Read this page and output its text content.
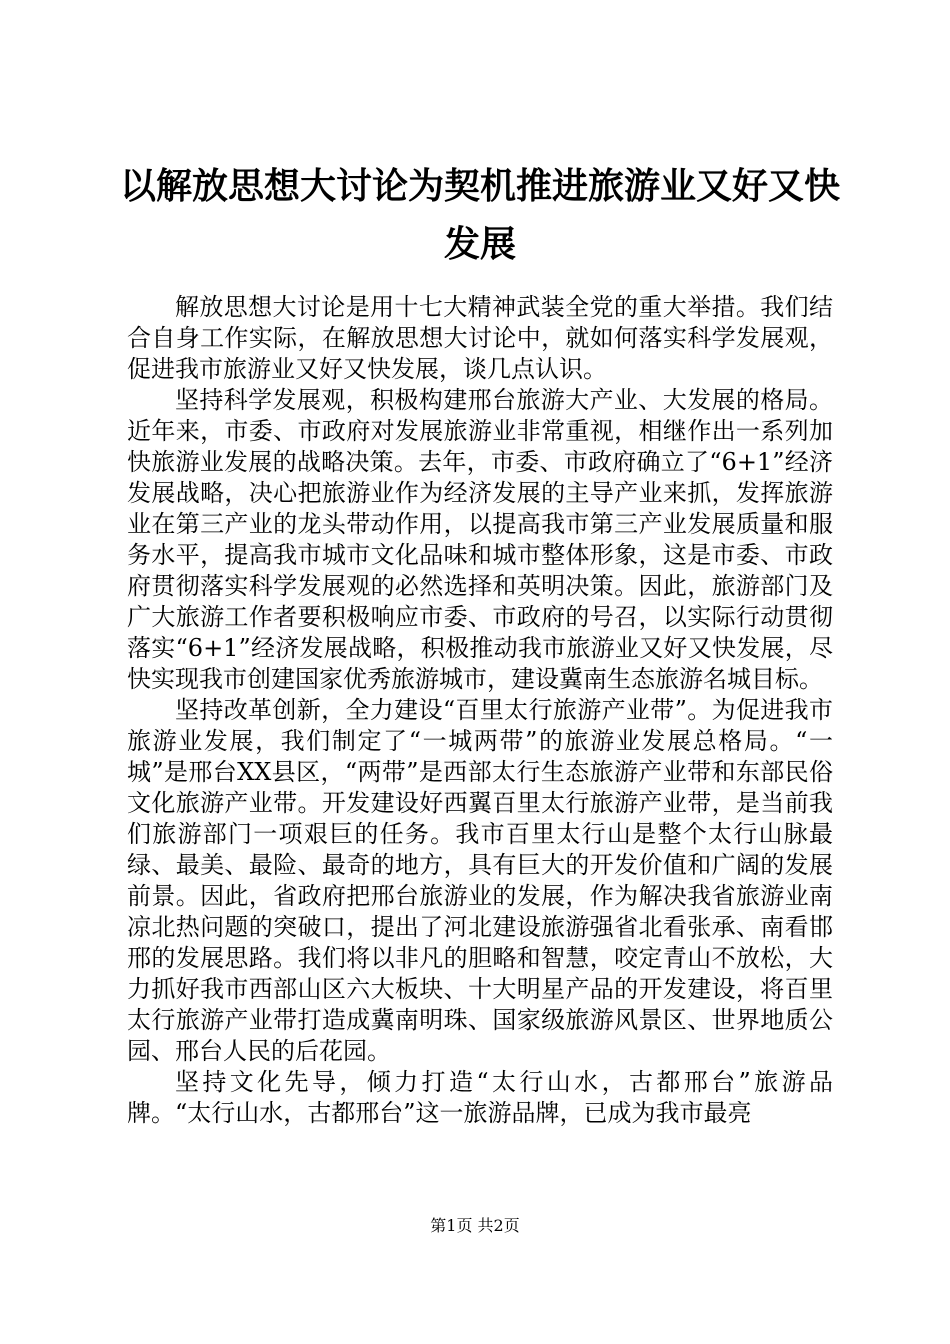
以解放思想大讨论为契机推进旅游业又好又快发展

解放思想大讨论是用十七大精神武装全党的重大举措。我们结合自身工作实际，在解放思想大讨论中，就如何落实科学发展观，促进我市旅游业又好又快发展，谈几点认识。

坚持科学发展观，积极构建邢台旅游大产业、大发展的格局。近年来，市委、市政府对发展旅游业非常重视，相继作出一系列加快旅游业发展的战略决策。去年，市委、市政府确立了“6+1”经济发展战略，决心把旅游业作为经济发展的主导产业来抓，发挥旅游业在第三产业的龙头带动作用，以提高我市第三产业发展质量和服务水平，提高我市城市文化品味和城市整体形象，这是市委、市政府贯彻落实科学发展观的必然选择和英明决策。因此，旅游部门及广大旅游工作者要积极响应市委、市政府的号召，以实际行动贯彻落实“6+1”经济发展战略，积极推动我市旅游业又好又快发展，尽快实现我市创建国家优秀旅游城市，建设冀南生态旅游名城目标。

坚持改革创新，全力建设“百里太行旅游产业带”。为促进我市旅游业发展，我们制定了“一城两带”的旅游业发展总格局。“一城”是邢台XX县区，“两带”是西部太行生态旅游产业带和东部民俗文化旅游产业带。开发建设好西翼百里太行旅游产业带，是当前我们旅游部门一项艰巨的任务。我市百里太行山是整个太行山脉最绿、最美、最险、最奇的地方，具有巨大的开发价值和广阔的发展前景。因此，省政府把邢台旅游业的发展，作为解决我省旅游业南凉北热问题的突破口，提出了河北建设旅游强省北看张承、南看邯邢的发展思路。我们将以非凡的胆略和智慧，咬定青山不放松，大力抓好我市西部山区六大板块、十大明星产品的开发建设，将百里太行旅游产业带打造成冀南明珠、国家级旅游风景区、世界地质公园、邢台人民的后花园。

坚持文化先导，倾力打造“太行山水，古都邢台”旅游品牌。“太行山水，古都邢台”这一旅游品牌，已成为我市最亮

第1页 共2页
